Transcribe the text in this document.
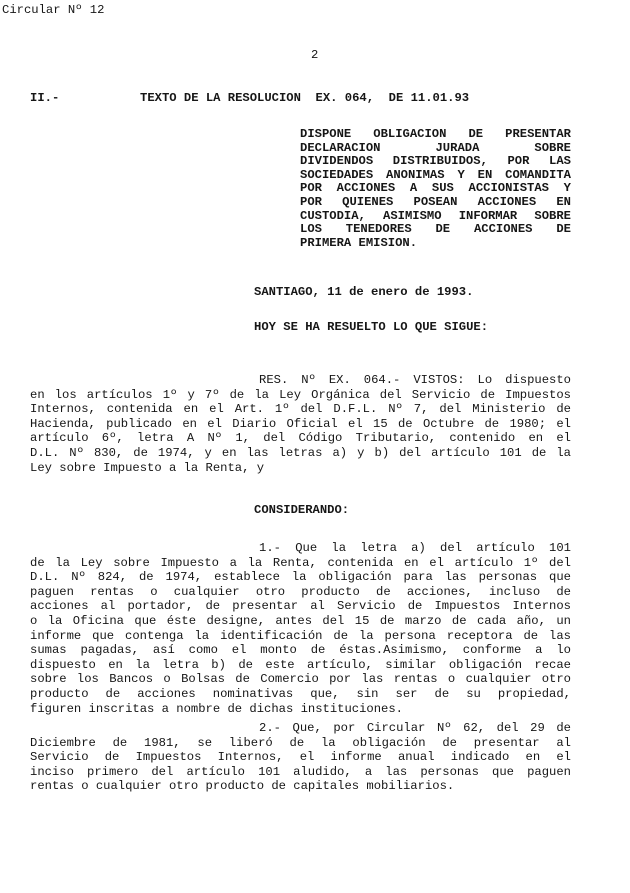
Circular Nº 12
2
II.-	TEXTO DE LA RESOLUCION  EX. 064,  DE 11.01.93
DISPONE OBLIGACION DE PRESENTAR
DECLARACION JURADA SOBRE
DIVIDENDOS DISTRIBUIDOS, POR LAS
SOCIEDADES ANONIMAS Y EN COMANDITA
POR ACCIONES A SUS ACCIONISTAS Y
POR QUIENES POSEAN ACCIONES EN
CUSTODIA, ASIMISMO INFORMAR SOBRE
LOS TENEDORES DE ACCIONES DE
PRIMERA EMISION.
SANTIAGO, 11 de enero de 1993.
HOY SE HA RESUELTO LO QUE SIGUE:
RES. Nº EX. 064.- VISTOS: Lo dispuesto
en los artículos 1º y 7º de la Ley Orgánica del Servicio de Impuestos
Internos, contenida en el Art. 1º del D.F.L. Nº 7, del Ministerio de
Hacienda, publicado en el Diario Oficial el 15 de Octubre de 1980; el
artículo 6º, letra A Nº 1, del Código Tributario, contenido en el
D.L. Nº 830, de 1974, y en las letras a) y b) del artículo 101 de la
Ley sobre Impuesto a la Renta, y
CONSIDERANDO:
1.- Que la letra a) del artículo 101
de la Ley sobre Impuesto a la Renta, contenida en el artículo 1º del
D.L. Nº 824, de 1974, establece la obligación para las personas que
paguen rentas o cualquier otro producto de acciones, incluso de
acciones al portador, de presentar al Servicio de Impuestos Internos
o la Oficina que éste designe, antes del 15 de marzo de cada año, un
informe que contenga la identificación de la persona receptora de las
sumas pagadas, así como el monto de éstas.Asimismo, conforme a lo
dispuesto en la letra b) de este artículo, similar obligación recae
sobre los Bancos o Bolsas de Comercio por las rentas o cualquier otro
producto de acciones nominativas que, sin ser de su propiedad,
figuren inscritas a nombre de dichas instituciones.
2.- Que, por Circular Nº 62, del 29 de
Diciembre de 1981, se liberó de la obligación de presentar al
Servicio de Impuestos Internos, el informe anual indicado en el
inciso primero del artículo 101 aludido, a las personas que paguen
rentas o cualquier otro producto de capitales mobiliarios.
